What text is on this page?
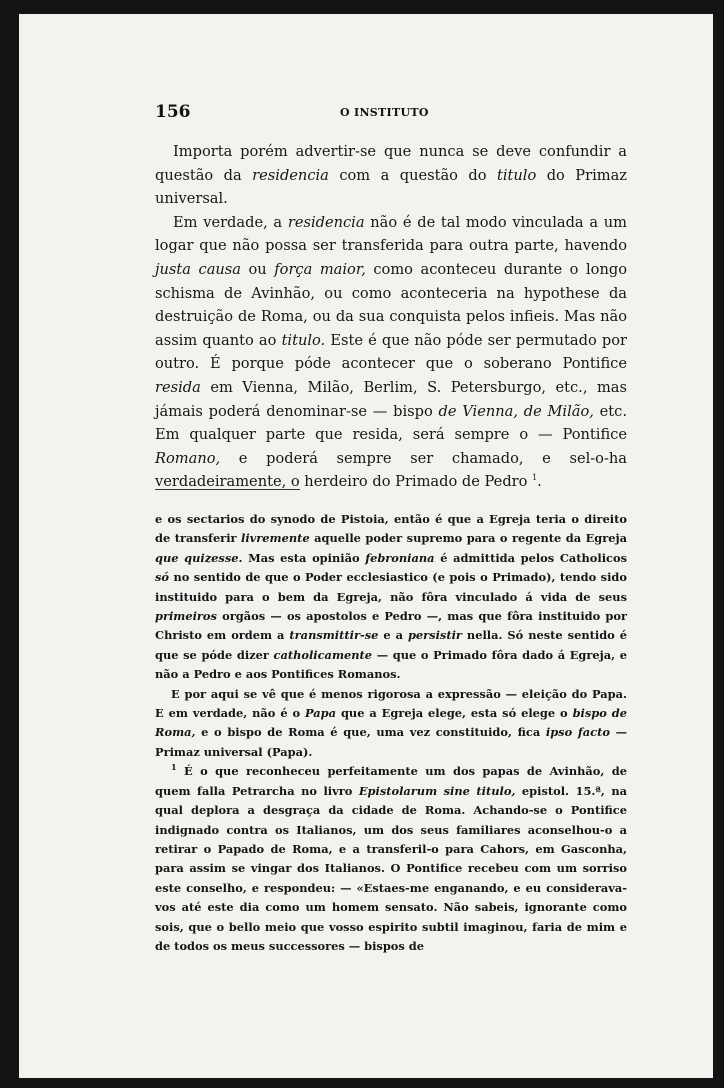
156	O INSTITUTO

Importa porém advertir-se que nunca se deve confundir a questão da residencia com a questão do titulo do Primaz universal.

Em verdade, a residencia não é de tal modo vinculada a um logar que não possa ser transferida para outra parte, havendo justa causa ou força maior, como aconteceu durante o longo schisma de Avinhão, ou como aconteceria na hypothese da destruição de Roma, ou da sua conquista pelos infieis. Mas não assim quanto ao titulo. Este é que não póde ser permutado por outro. É porque póde acontecer que o soberano Pontifice resida em Vienna, Milão, Berlim, S. Petersburgo, etc., mas jámais poderá denominar-se — bispo de Vienna, de Milão, etc. Em qualquer parte que resida, será sempre o — Pontifice Romano, e poderá sempre ser chamado, e sel-o-ha verdadeiramente, o herdeiro do Primado de Pedro $^1$.

e os sectarios do synodo de Pistoia, então é que a Egreja teria o direito de transferir livremente aquelle poder supremo para o regente da Egreja que quizesse. Mas esta opinião febroniana é admittida pelos Catholicos só no sentido de que o Poder ecclesiastico (e pois o Primado), tendo sido instituido para o bem da Egreja, não fôra vinculado á vida de seus primeiros orgãos — os apostolos e Pedro —, mas que fôra instituido por Christo em ordem a transmittir-se e a persistir nella. Só neste sentido é que se póde dizer catholicamente — que o Primado fôra dado á Egreja, e não a Pedro e aos Pontifices Romanos.

E por aqui se vê que é menos rigorosa a expressão — eleição do Papa. E em verdade, não é o Papa que a Egreja elege, esta só elege o bispo de Roma, e o bispo de Roma é que, uma vez constituido, fica ipso facto — Primaz universal (Papa).

$^1$ É o que reconheceu perfeitamente um dos papas de Avinhão, de quem falla Petrarcha no livro Epistolarum sine titulo, epistol. 15.ª, na qual deplora a desgraça da cidade de Roma. Achando-se o Pontifice indignado contra os Italianos, um dos seus familiares aconselhou-o a retirar o Papado de Roma, e a transferil-o para Cahors, em Gasconha, para assim se vingar dos Italianos. O Pontifice recebeu com um sorriso este conselho, e respondeu: — «Estaes-me enganando, e eu considerava-vos até este dia como um homem sensato. Não sabeis, ignorante como sois, que o bello meio que vosso espirito subtil imaginou, faria de mim e de todos os meus successores — bispos de
